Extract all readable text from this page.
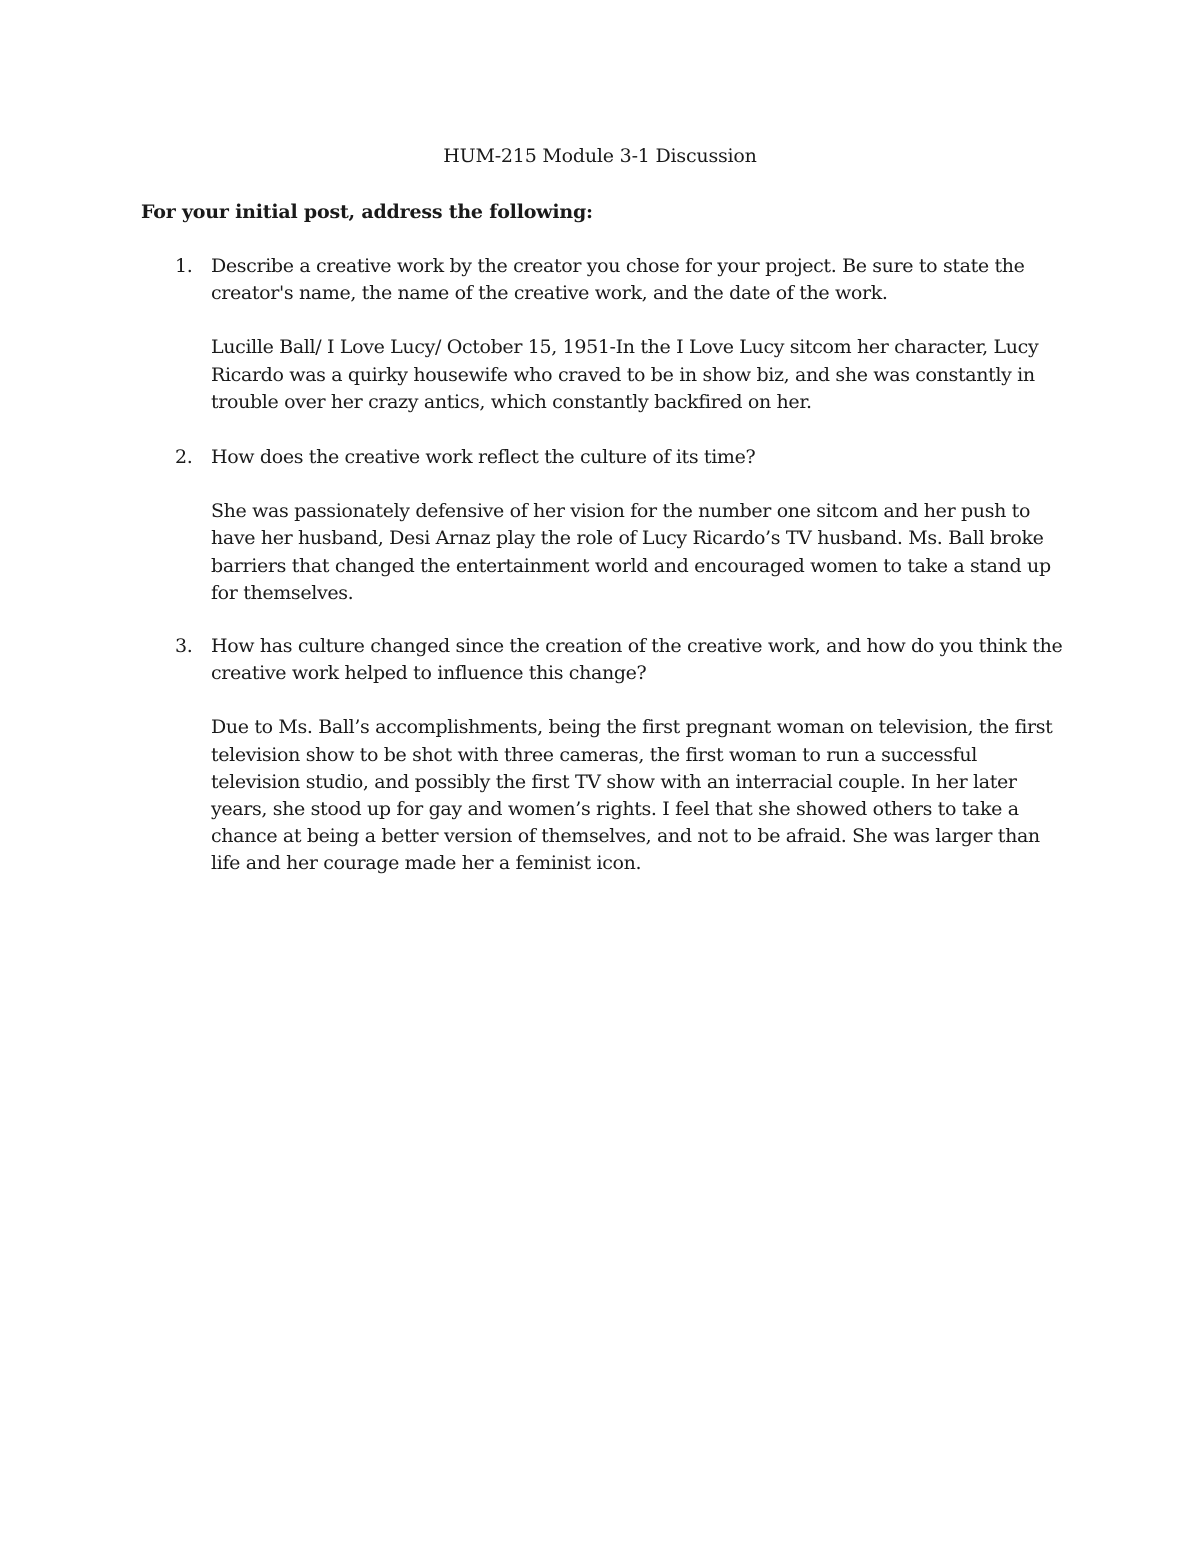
HUM-215 Module 3-1 Discussion
For your initial post, address the following:
1. Describe a creative work by the creator you chose for your project. Be sure to state the creator's name, the name of the creative work, and the date of the work.

Lucille Ball/ I Love Lucy/ October 15, 1951-In the I Love Lucy sitcom her character, Lucy Ricardo was a quirky housewife who craved to be in show biz, and she was constantly in trouble over her crazy antics, which constantly backfired on her.

2. How does the creative work reflect the culture of its time?

She was passionately defensive of her vision for the number one sitcom and her push to have her husband, Desi Arnaz play the role of Lucy Ricardo’s TV husband. Ms. Ball broke barriers that changed the entertainment world and encouraged women to take a stand up for themselves.

3. How has culture changed since the creation of the creative work, and how do you think the creative work helped to influence this change?

Due to Ms. Ball’s accomplishments, being the first pregnant woman on television, the first television show to be shot with three cameras, the first woman to run a successful television studio, and possibly the first TV show with an interracial couple. In her later years, she stood up for gay and women’s rights. I feel that she showed others to take a chance at being a better version of themselves, and not to be afraid. She was larger than life and her courage made her a feminist icon.
